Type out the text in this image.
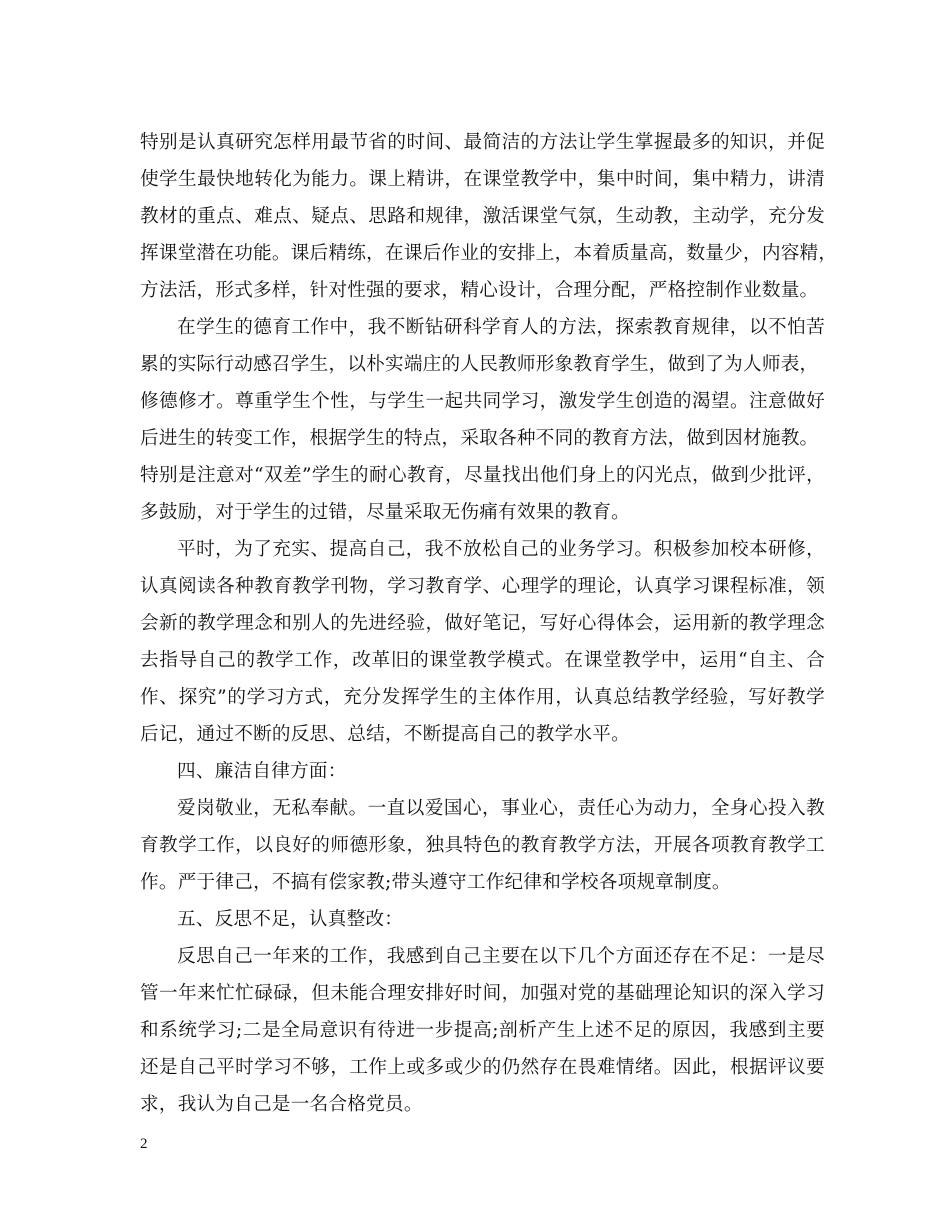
特别是认真研究怎样用最节省的时间、最简洁的方法让学生掌握最多的知识，并促
使学生最快地转化为能力。课上精讲，在课堂教学中，集中时间，集中精力，讲清
教材的重点、难点、疑点、思路和规律，激活课堂气氛，生动教，主动学，充分发
挥课堂潜在功能。课后精练，在课后作业的安排上，本着质量高，数量少，内容精，
方法活，形式多样，针对性强的要求，精心设计，合理分配，严格控制作业数量。
在学生的德育工作中，我不断钻研科学育人的方法，探索教育规律，以不怕苦
累的实际行动感召学生，以朴实端庄的人民教师形象教育学生，做到了为人师表，
修德修才。尊重学生个性，与学生一起共同学习，激发学生创造的渴望。注意做好
后进生的转变工作，根据学生的特点，采取各种不同的教育方法，做到因材施教。
特别是注意对“双差”学生的耐心教育，尽量找出他们身上的闪光点，做到少批评，
多鼓励，对于学生的过错，尽量采取无伤痛有效果的教育。
平时，为了充实、提高自己，我不放松自己的业务学习。积极参加校本研修，
认真阅读各种教育教学刊物，学习教育学、心理学的理论，认真学习课程标准，领
会新的教学理念和别人的先进经验，做好笔记，写好心得体会，运用新的教学理念
去指导自己的教学工作，改革旧的课堂教学模式。在课堂教学中，运用“自主、合
作、探究”的学习方式，充分发挥学生的主体作用，认真总结教学经验，写好教学
后记，通过不断的反思、总结，不断提高自己的教学水平。
四、廉洁自律方面：
爱岗敬业，无私奉献。一直以爱国心，事业心，责任心为动力，全身心投入教
育教学工作，以良好的师德形象，独具特色的教育教学方法，开展各项教育教学工
作。严于律己，不搞有偿家教;带头遵守工作纪律和学校各项规章制度。
五、反思不足，认真整改：
反思自己一年来的工作，我感到自己主要在以下几个方面还存在不足：一是尽
管一年来忙忙碌碌，但未能合理安排好时间，加强对党的基础理论知识的深入学习
和系统学习;二是全局意识有待进一步提高;剖析产生上述不足的原因，我感到主要
还是自己平时学习不够，工作上或多或少的仍然存在畏难情绪。因此，根据评议要
求，我认为自己是一名合格党员。
2
